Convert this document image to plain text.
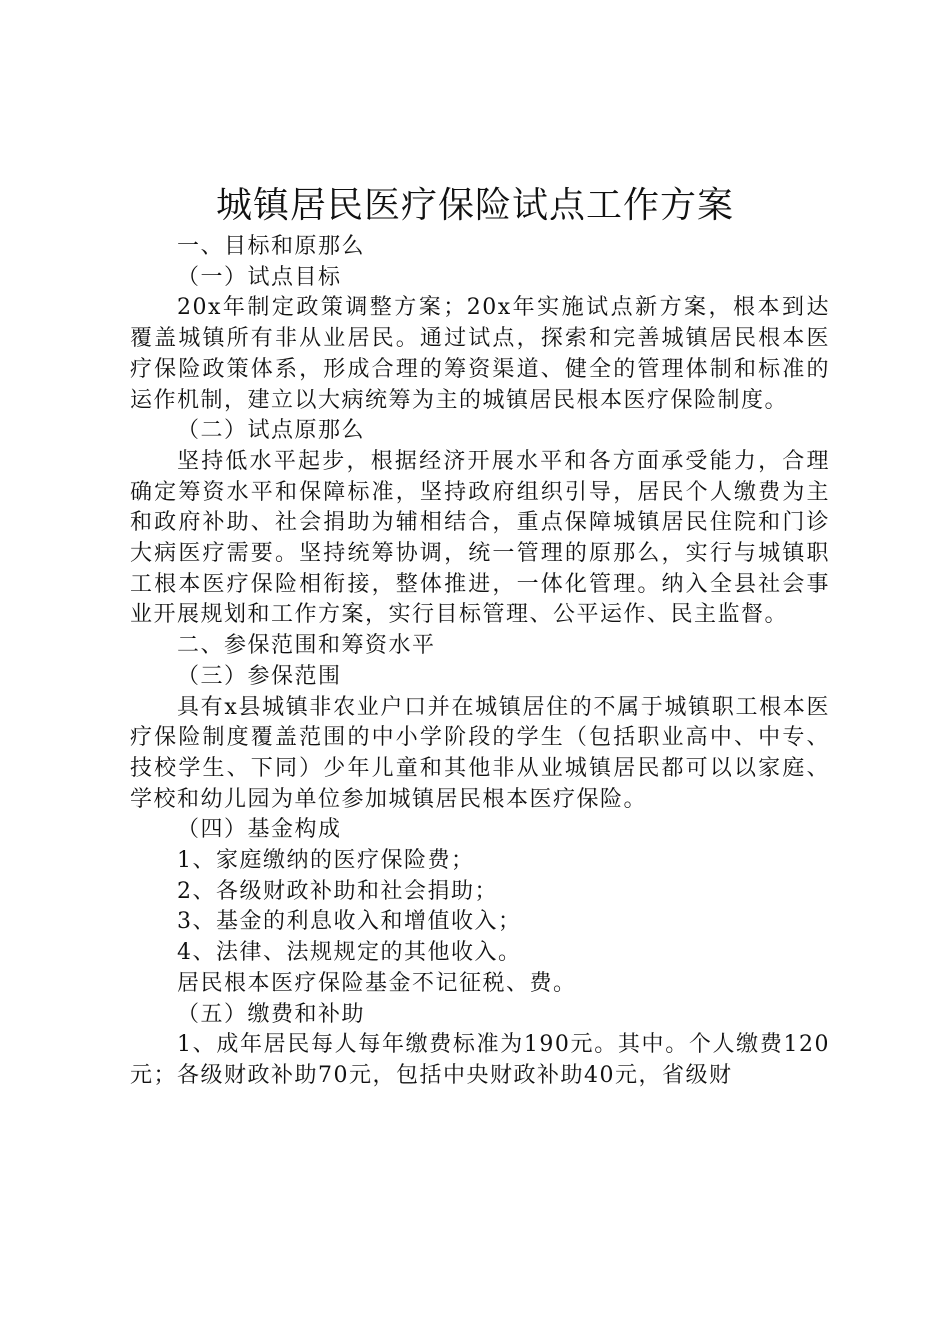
城镇居民医疗保险试点工作方案

一、目标和原那么

（一）试点目标

20x年制定政策调整方案；20x年实施试点新方案，根本到达覆盖城镇所有非从业居民。通过试点，探索和完善城镇居民根本医疗保险政策体系，形成合理的筹资渠道、健全的管理体制和标准的运作机制，建立以大病统筹为主的城镇居民根本医疗保险制度。

（二）试点原那么

坚持低水平起步，根据经济开展水平和各方面承受能力，合理确定筹资水平和保障标准，坚持政府组织引导，居民个人缴费为主和政府补助、社会捐助为辅相结合，重点保障城镇居民住院和门诊大病医疗需要。坚持统筹协调，统一管理的原那么，实行与城镇职工根本医疗保险相衔接，整体推进，一体化管理。纳入全县社会事业开展规划和工作方案，实行目标管理、公平运作、民主监督。

二、参保范围和筹资水平

（三）参保范围

具有x县城镇非农业户口并在城镇居住的不属于城镇职工根本医疗保险制度覆盖范围的中小学阶段的学生（包括职业高中、中专、技校学生、下同）少年儿童和其他非从业城镇居民都可以以家庭、学校和幼儿园为单位参加城镇居民根本医疗保险。

（四）基金构成

1、家庭缴纳的医疗保险费；

2、各级财政补助和社会捐助；

3、基金的利息收入和增值收入；

4、法律、法规规定的其他收入。

居民根本医疗保险基金不记征税、费。

（五）缴费和补助

1、成年居民每人每年缴费标准为190元。其中。个人缴费120元；各级财政补助70元，包括中央财政补助40元，省级财
